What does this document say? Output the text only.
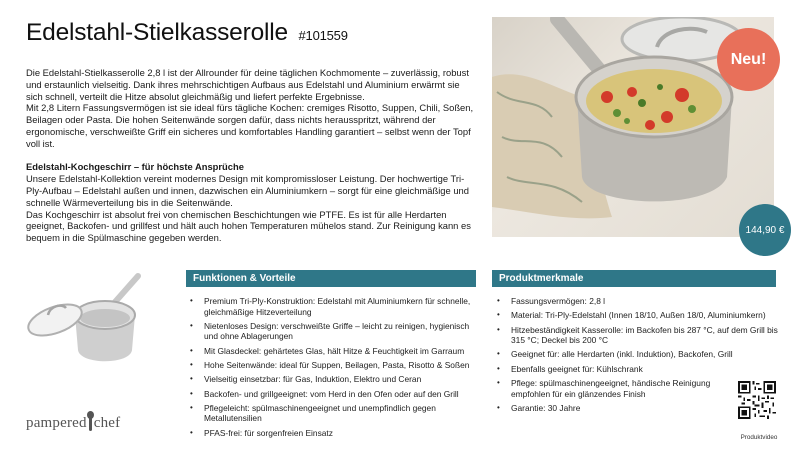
Edelstahl-Stielkasserolle #101559

Die Edelstahl-Stielkasserolle 2,8 l ist der Allrounder für deine täglichen Kochmomente – zuverlässig, robust und erstaunlich vielseitig. Dank ihres mehrschichtigen Aufbaus aus Edelstahl und Aluminium erwärmt sie sich schnell, verteilt die Hitze absolut gleichmäßig und liefert perfekte Ergebnisse.

Mit 2,8 Litern Fassungsvermögen ist sie ideal fürs tägliche Kochen: cremiges Risotto, Suppen, Chili, Soßen, Beilagen oder Pasta. Die hohen Seitenwände sorgen dafür, dass nichts herausspritzt, während der ergonomische, verschweißte Griff ein sicheres und komfortables Handling garantiert – selbst wenn der Topf voll ist.

Edelstahl-Kochgeschirr – für höchste Ansprüche

Unsere Edelstahl-Kollektion vereint modernes Design mit kompromissloser Leistung. Der hochwertige Tri-Ply-Aufbau – Edelstahl außen und innen, dazwischen ein Aluminiumkern – sorgt für eine gleichmäßige und schnelle Wärmeverteilung bis in die Seitenwände.

Das Kochgeschirr ist absolut frei von chemischen Beschichtungen wie PTFE. Es ist für alle Herdarten geeignet, Backofen- und grillfest und hält auch hohen Temperaturen mühelos stand. Zur Reinigung kann es bequem in die Spülmaschine gegeben werden.

Neu!
144,90 €
pampered chef
Funktionen & Vorteile
• Premium Tri-Ply-Konstruktion: Edelstahl mit Aluminiumkern für schnelle, gleichmäßige Hitzeverteilung
• Nietenloses Design: verschweißte Griffe – leicht zu reinigen, hygienisch und ohne Ablagerungen
• Mit Glasdeckel: gehärtetes Glas, hält Hitze & Feuchtigkeit im Garraum
• Hohe Seitenwände: ideal für Suppen, Beilagen, Pasta, Risotto & Soßen
• Vielseitig einsetzbar: für Gas, Induktion, Elektro und Ceran
• Backofen- und grillgeeignet: vom Herd in den Ofen oder auf den Grill
• Pflegeleicht: spülmaschinengeeignet und unempfindlich gegen Metallutensilien
• PFAS-frei: für sorgenfreien Einsatz
Produktmerkmale
• Fassungsvermögen: 2,8 l
• Material: Tri-Ply-Edelstahl (Innen 18/10, Außen 18/0, Aluminiumkern)
• Hitzebeständigkeit Kasserolle: im Backofen bis 287 °C, auf dem Grill bis 315 °C; Deckel bis 200 °C
• Geeignet für: alle Herdarten (inkl. Induktion), Backofen, Grill
• Ebenfalls geeignet für: Kühlschrank
• Pflege: spülmaschinengeeignet, händische Reinigung empfohlen für ein glänzendes Finish
• Garantie: 30 Jahre
Produktvideo
